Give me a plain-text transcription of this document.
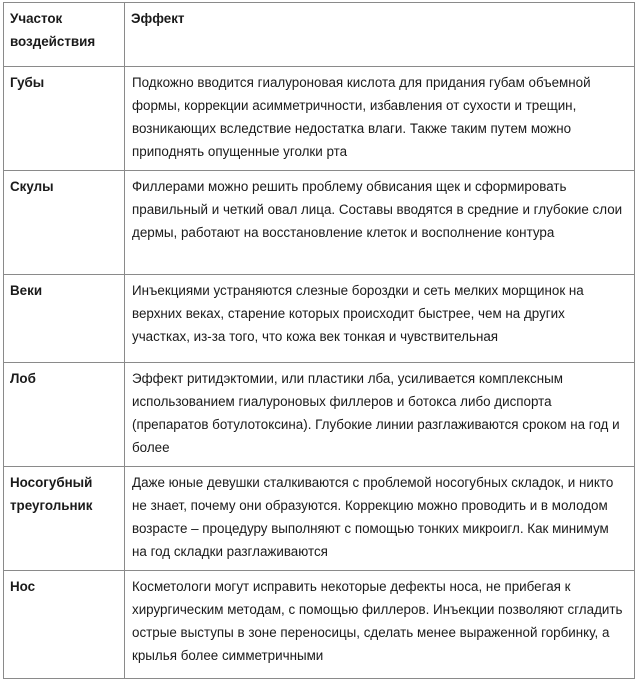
Участок воздействия	Эффект
Губы	Подкожно вводится гиалуроновая кислота для придания губам объемной формы, коррекции асимметричности, избавления от сухости и трещин, возникающих вследствие недостатка влаги. Также таким путем можно приподнять опущенные уголки рта
Скулы	Филлерами можно решить проблему обвисания щек и сформировать правильный и четкий овал лица. Составы вводятся в средние и глубокие слои дермы, работают на восстановление клеток и восполнение контура
Веки	Инъекциями устраняются слезные бороздки и сеть мелких морщинок на верхних веках, старение которых происходит быстрее, чем на других участках, из-за того, что кожа век тонкая и чувствительная
Лоб	Эффект ритидэктомии, или пластики лба, усиливается комплексным использованием гиалуроновых филлеров и ботокса либо диспорта (препаратов ботулотоксина). Глубокие линии разглаживаются сроком на год и более
Носогубный треугольник	Даже юные девушки сталкиваются с проблемой носогубных складок, и никто не знает, почему они образуются. Коррекцию можно проводить и в молодом возрасте – процедуру выполняют с помощью тонких микроигл. Как минимум на год складки разглаживаются
Нос	Косметологи могут исправить некоторые дефекты носа, не прибегая к хирургическим методам, с помощью филлеров. Инъекции позволяют сгладить острые выступы в зоне переносицы, сделать менее выраженной горбинку, а крылья более симметричными
